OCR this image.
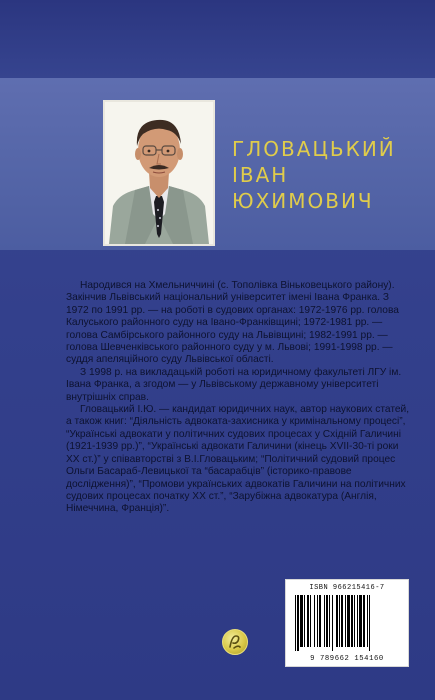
ГЛОВАЦЬКИЙ
ІВАН
ЮХИМОВИЧ

Народився на Хмельниччині (с. Тополівка Віньковецького району). Закінчив Львівський національний університет імені Івана Франка. З 1972 по 1991 рр. — на роботі в судових органах: 1972-1976 рр. голова Калуського районного суду на Івано-Франківщині; 1972-1981 рр. — голова Самбірського районного суду на Львівщині; 1982-1991 рр. — голова Шевченківського районного суду у м. Львові; 1991-1998 рр. — суддя апеляційного суду Львівської області.

З 1998 р. на викладацькій роботі на юридичному факультеті ЛГУ ім. Івана Франка, а згодом — у Львівському державному університеті внутрішніх справ.

Гловацький І.Ю. — кандидат юридичних наук, автор наукових статей, а також книг: “Діяльність адвоката-захисника у кримінальному процесі”, “Українські адвокати у політичних судових процесах у Східній Галичині (1921-1939 рр.)”, “Українські адвокати Галичини (кінець XVII-30-ті роки ХХ ст.)” у співавторстві з В.І.Гловацьким; “Політичний судовий процес Ольги Басараб-Левицької та “басарабців” (історико-правове дослідження)”, “Промови українських адвокатів Галичини на політичних судових процесах початку ХХ ст.”, “Зарубіжна адвокатура (Англія, Німеччина, Франція)”.

ISBN 966215416-7
9 789662 154160
